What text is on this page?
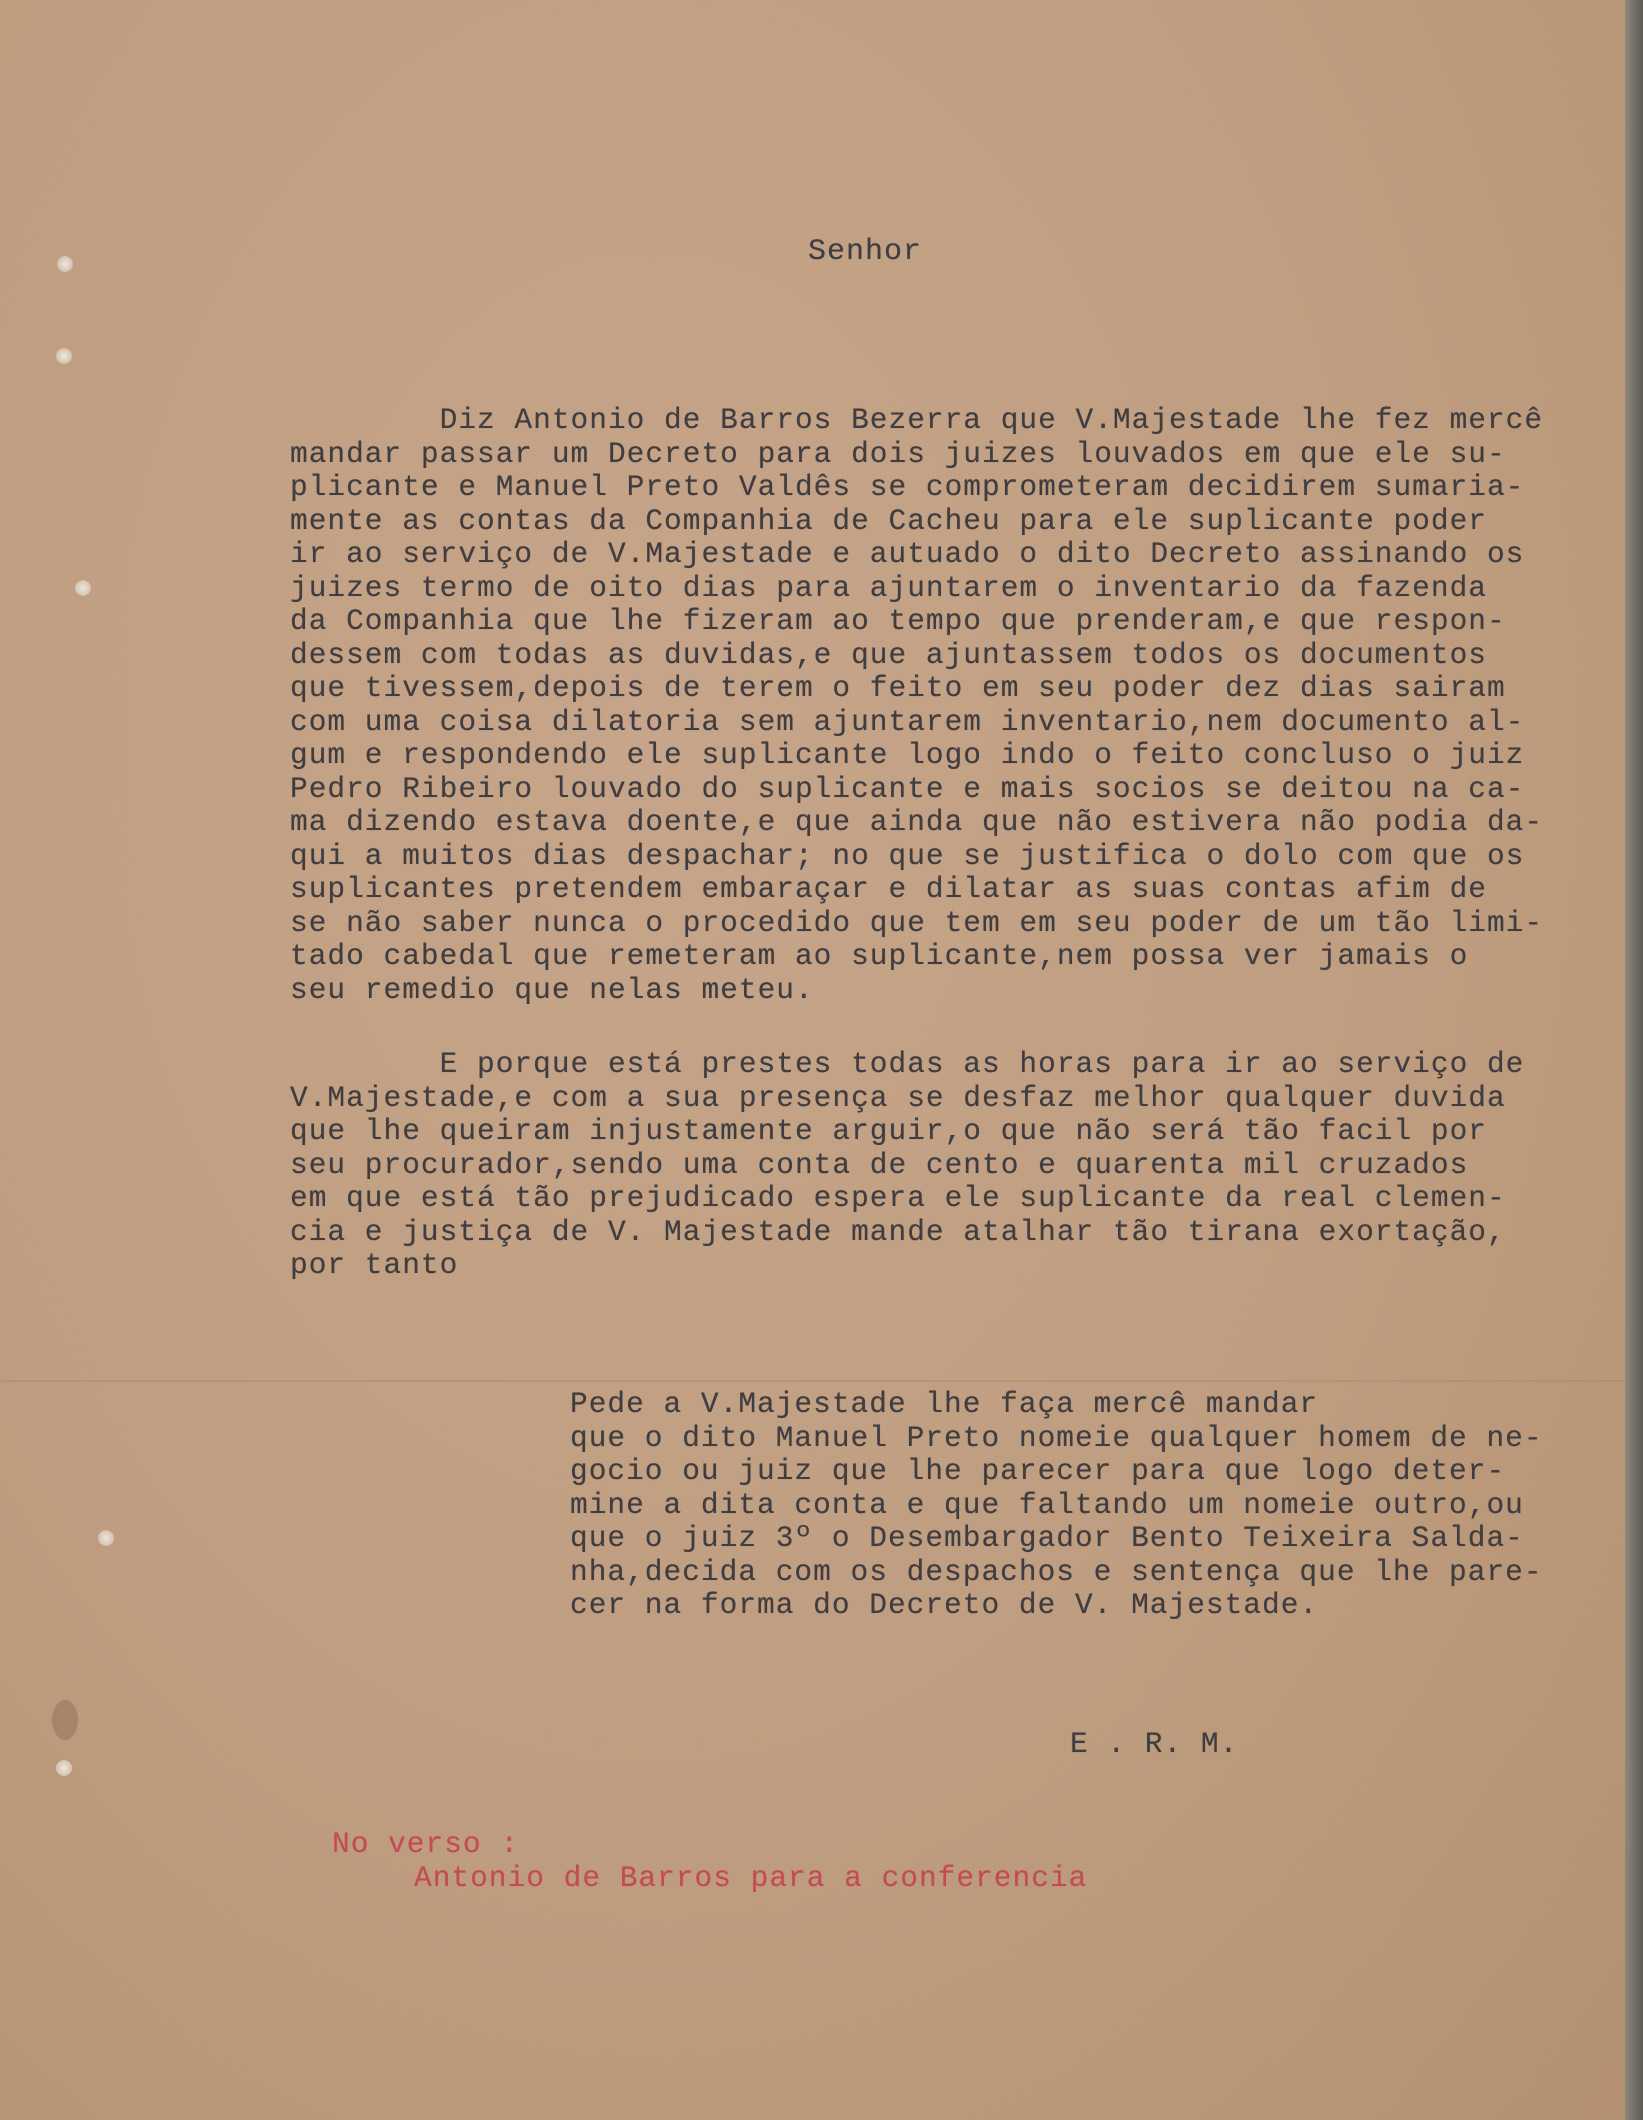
Senhor
Diz Antonio de Barros Bezerra que V.Majestade lhe fez mercê
mandar passar um Decreto para dois juizes louvados em que ele su-
plicante e Manuel Preto Valdês se comprometeram decidirem sumaria-
mente as contas da Companhia de Cacheu para ele suplicante poder
ir ao serviço de V.Majestade e autuado o dito Decreto assinando os
juizes termo de oito dias para ajuntarem o inventario da fazenda
da Companhia que lhe fizeram ao tempo que prenderam,e que respon-
dessem com todas as duvidas,e que ajuntassem todos os documentos
que tivessem,depois de terem o feito em seu poder dez dias sairam
com uma coisa dilatoria sem ajuntarem inventario,nem documento al-
gum e respondendo ele suplicante logo indo o feito concluso o juiz
Pedro Ribeiro louvado do suplicante e mais socios se deitou na ca-
ma dizendo estava doente,e que ainda que não estivera não podia da-
qui a muitos dias despachar; no que se justifica o dolo com que os
suplicantes pretendem embaraçar e dilatar as suas contas afim de
se não saber nunca o procedido que tem em seu poder de um tão limi-
tado cabedal que remeteram ao suplicante,nem possa ver jamais o
seu remedio que nelas meteu.
E porque está prestes todas as horas para ir ao serviço de
V.Majestade,e com a sua presença se desfaz melhor qualquer duvida
que lhe queiram injustamente arguir,o que não será tão facil por
seu procurador,sendo uma conta de cento e quarenta mil cruzados
em que está tão prejudicado espera ele suplicante da real clemen-
cia e justiça de V. Majestade mande atalhar tão tirana exortação,
por tanto
Pede a V.Majestade lhe faça mercê mandar
que o dito Manuel Preto nomeie qualquer homem de ne-
gocio ou juiz que lhe parecer para que logo deter-
mine a dita conta e que faltando um nomeie outro,ou
que o juiz 3º o Desembargador Bento Teixeira Salda-
nha,decida com os despachos e sentença que lhe pare-
cer na forma do Decreto de V. Majestade.
E . R. M.
No verso :
Antonio de Barros para a conferencia
